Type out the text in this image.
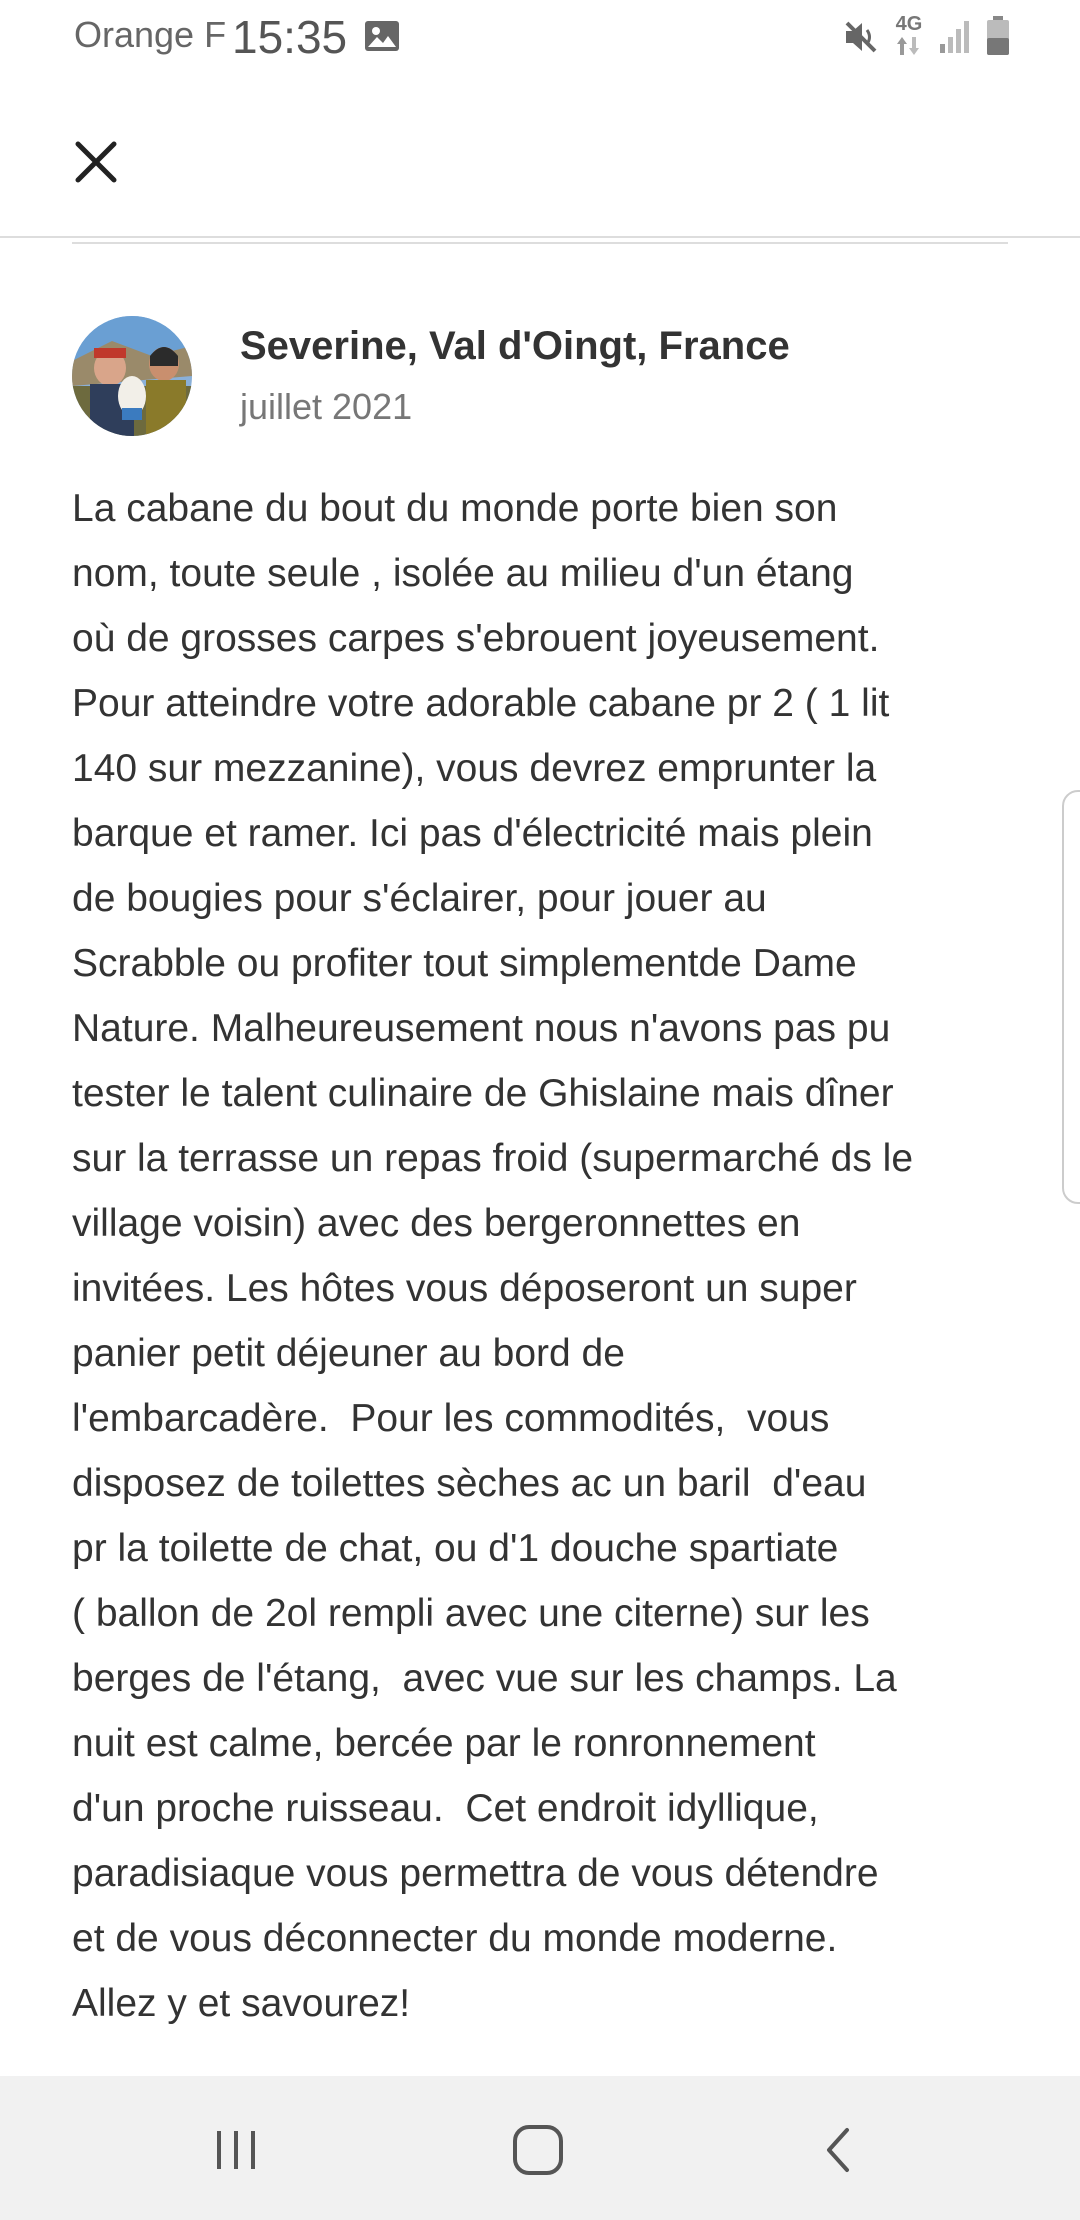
Orange F 15:35	4G
Severine, Val d'Oingt, France
juillet 2021

La cabane du bout du monde porte bien son
nom, toute seule , isolée au milieu d'un étang
où de grosses carpes s'ebrouent joyeusement.
Pour atteindre votre adorable cabane pr 2 ( 1 lit
140 sur mezzanine), vous devrez emprunter la
barque et ramer. Ici pas d'électricité mais plein
de bougies pour s'éclairer, pour jouer au
Scrabble ou profiter tout simplementde Dame
Nature. Malheureusement nous n'avons pas pu
tester le talent culinaire de Ghislaine mais dîner
sur la terrasse un repas froid (supermarché ds le
village voisin) avec des bergeronnettes en
invitées. Les hôtes vous déposeront un super
panier petit déjeuner au bord de
l'embarcadère.  Pour les commodités,  vous
disposez de toilettes sèches ac un baril  d'eau
pr la toilette de chat, ou d'1 douche spartiate
( ballon de 2ol rempli avec une citerne) sur les
berges de l'étang,  avec vue sur les champs. La
nuit est calme, bercée par le ronronnement
d'un proche ruisseau.  Cet endroit idyllique,
paradisiaque vous permettra de vous détendre
et de vous déconnecter du monde moderne.
Allez y et savourez!
